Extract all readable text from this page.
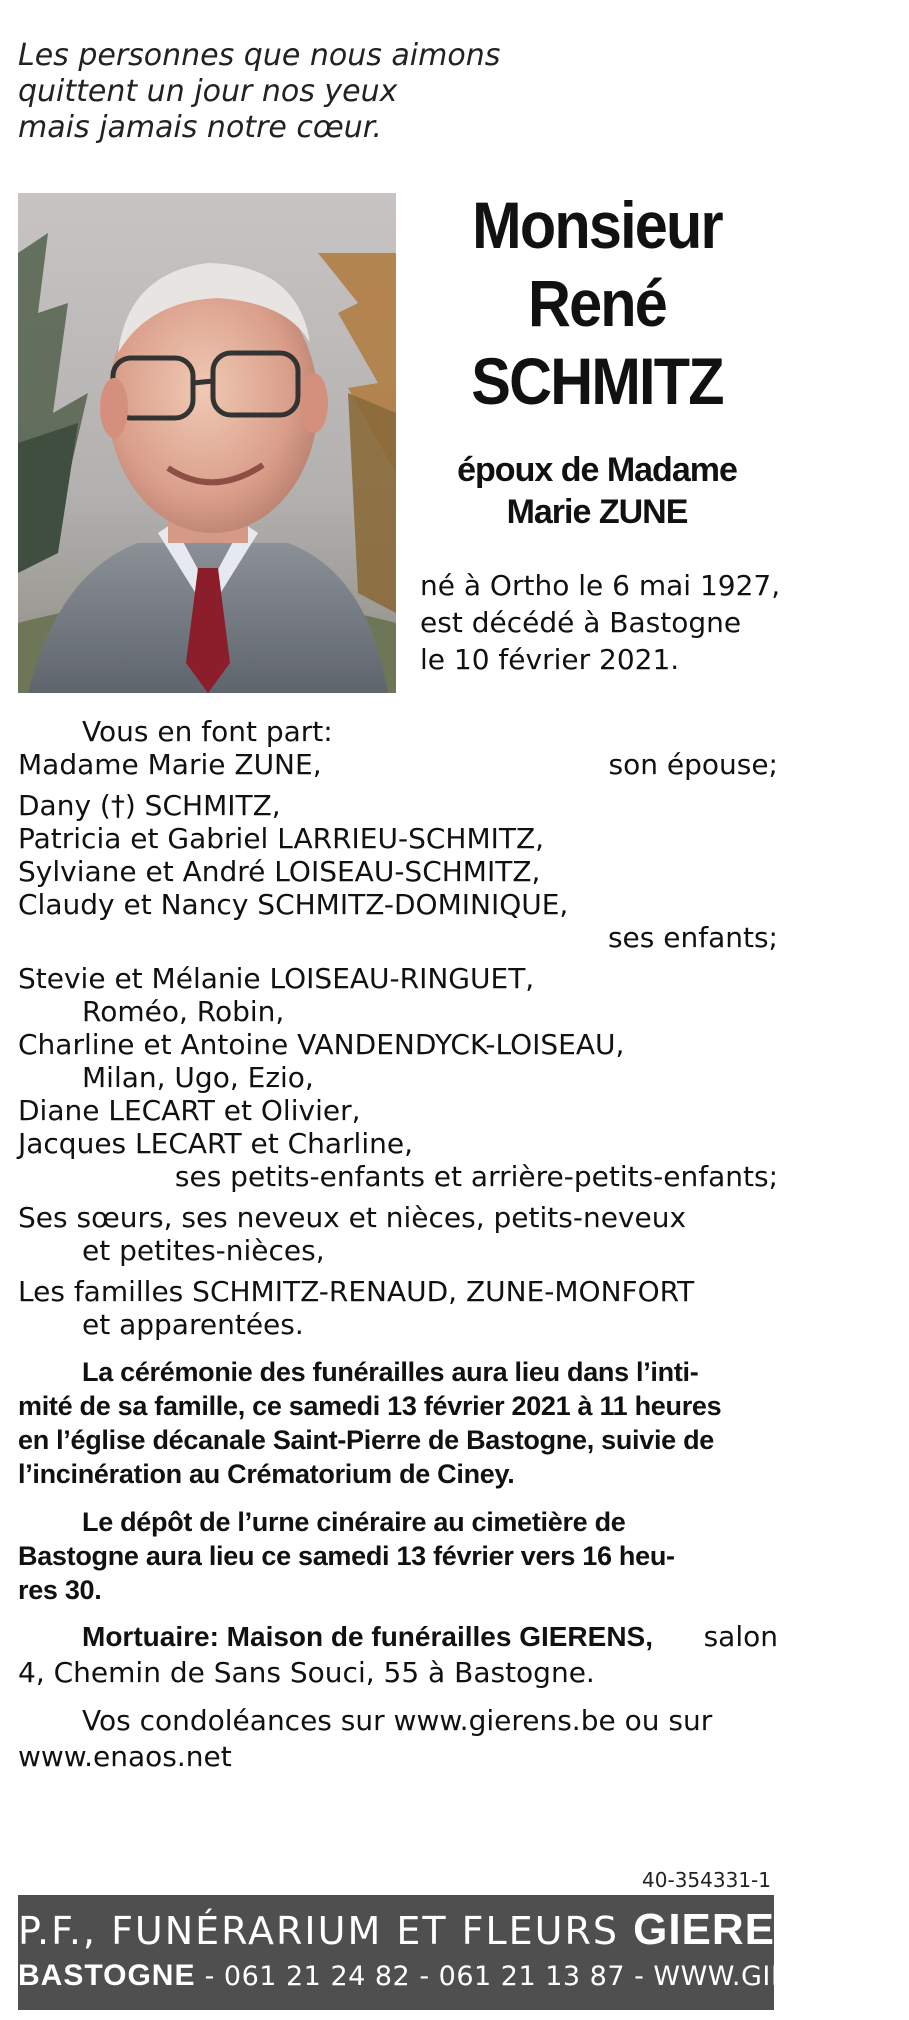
Les personnes que nous aimons
quittent un jour nos yeux
mais jamais notre cœur.
Monsieur
René
SCHMITZ
époux de Madame
Marie ZUNE
né à Ortho le 6 mai 1927,
est décédé à Bastogne
le 10 février 2021.
Vous en font part:
Madame Marie ZUNE,	son épouse;
Dany (†) SCHMITZ,
Patricia et Gabriel LARRIEU-SCHMITZ,
Sylviane et André LOISEAU-SCHMITZ,
Claudy et Nancy SCHMITZ-DOMINIQUE,
ses enfants;
Stevie et Mélanie LOISEAU-RINGUET,
Roméo, Robin,
Charline et Antoine VANDENDYCK-LOISEAU,
Milan, Ugo, Ezio,
Diane LECART et Olivier,
Jacques LECART et Charline,
ses petits-enfants et arrière-petits-enfants;
Ses sœurs, ses neveux et nièces, petits-neveux
et petites-nièces,
Les familles SCHMITZ-RENAUD, ZUNE-MONFORT
et apparentées.
La cérémonie des funérailles aura lieu dans l’inti-
mité de sa famille, ce samedi 13 février 2021 à 11 heures
en l’église décanale Saint-Pierre de Bastogne, suivie de
l’incinération au Crématorium de Ciney.
Le dépôt de l’urne cinéraire au cimetière de
Bastogne aura lieu ce samedi 13 février vers 16 heu-
res 30.
Mortuaire: Maison de funérailles GIERENS, salon
4, Chemin de Sans Souci, 55 à Bastogne.
Vos condoléances sur www.gierens.be ou sur
www.enaos.net
40-354331-1
P.F., FUNÉRARIUM ET FLEURS GIERENS
BASTOGNE - 061 21 24 82 - 061 21 13 87 - WWW.GIERENS.BE
